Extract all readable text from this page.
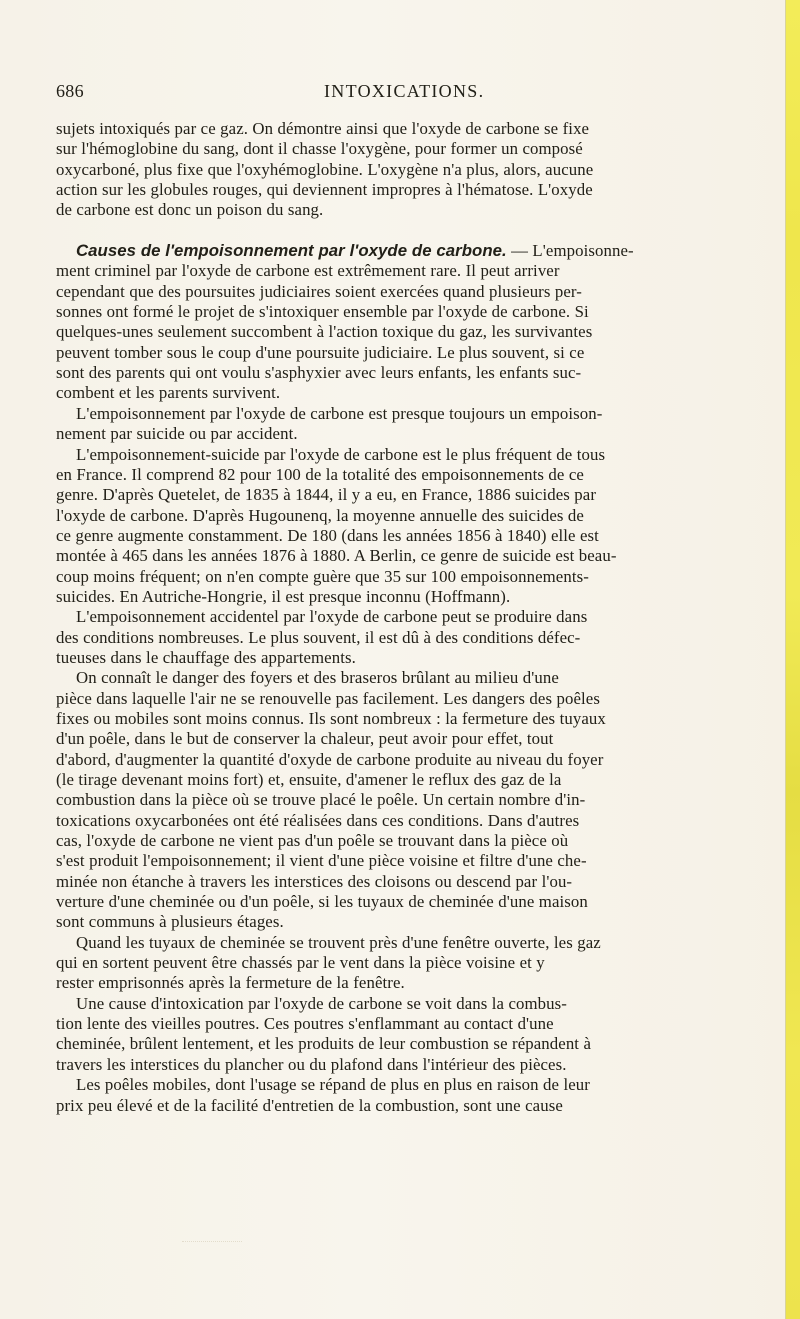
686	INTOXICATIONS.
sujets intoxiqués par ce gaz. On démontre ainsi que l'oxyde de carbone se fixe
sur l'hémoglobine du sang, dont il chasse l'oxygène, pour former un composé
oxycarboné, plus fixe que l'oxyhémoglobine. L'oxygène n'a plus, alors, aucune
action sur les globules rouges, qui deviennent impropres à l'hématose. L'oxyde
de carbone est donc un poison du sang.
Causes de l'empoisonnement par l'oxyde de carbone. — L'empoisonne-
ment criminel par l'oxyde de carbone est extrêmement rare. Il peut arriver
cependant que des poursuites judiciaires soient exercées quand plusieurs per-
sonnes ont formé le projet de s'intoxiquer ensemble par l'oxyde de carbone. Si
quelques-unes seulement succombent à l'action toxique du gaz, les survivantes
peuvent tomber sous le coup d'une poursuite judiciaire. Le plus souvent, si ce
sont des parents qui ont voulu s'asphyxier avec leurs enfants, les enfants suc-
combent et les parents survivent.
L'empoisonnement par l'oxyde de carbone est presque toujours un empoison-
nement par suicide ou par accident.
L'empoisonnement-suicide par l'oxyde de carbone est le plus fréquent de tous
en France. Il comprend 82 pour 100 de la totalité des empoisonnements de ce
genre. D'après Quetelet, de 1835 à 1844, il y a eu, en France, 1886 suicides par
l'oxyde de carbone. D'après Hugounenq, la moyenne annuelle des suicides de
ce genre augmente constamment. De 180 (dans les années 1856 à 1840) elle est
montée à 465 dans les années 1876 à 1880. A Berlin, ce genre de suicide est beau-
coup moins fréquent; on n'en compte guère que 35 sur 100 empoisonnements-
suicides. En Autriche-Hongrie, il est presque inconnu (Hoffmann).
L'empoisonnement accidentel par l'oxyde de carbone peut se produire dans
des conditions nombreuses. Le plus souvent, il est dû à des conditions défec-
tueuses dans le chauffage des appartements.
On connaît le danger des foyers et des braseros brûlant au milieu d'une
pièce dans laquelle l'air ne se renouvelle pas facilement. Les dangers des poêles
fixes ou mobiles sont moins connus. Ils sont nombreux : la fermeture des tuyaux
d'un poêle, dans le but de conserver la chaleur, peut avoir pour effet, tout
d'abord, d'augmenter la quantité d'oxyde de carbone produite au niveau du foyer
(le tirage devenant moins fort) et, ensuite, d'amener le reflux des gaz de la
combustion dans la pièce où se trouve placé le poêle. Un certain nombre d'in-
toxications oxycarbonées ont été réalisées dans ces conditions. Dans d'autres
cas, l'oxyde de carbone ne vient pas d'un poêle se trouvant dans la pièce où
s'est produit l'empoisonnement; il vient d'une pièce voisine et filtre d'une che-
minée non étanche à travers les interstices des cloisons ou descend par l'ou-
verture d'une cheminée ou d'un poêle, si les tuyaux de cheminée d'une maison
sont communs à plusieurs étages.
Quand les tuyaux de cheminée se trouvent près d'une fenêtre ouverte, les gaz
qui en sortent peuvent être chassés par le vent dans la pièce voisine et y
rester emprisonnés après la fermeture de la fenêtre.
Une cause d'intoxication par l'oxyde de carbone se voit dans la combus-
tion lente des vieilles poutres. Ces poutres s'enflammant au contact d'une
cheminée, brûlent lentement, et les produits de leur combustion se répandent à
travers les interstices du plancher ou du plafond dans l'intérieur des pièces.
Les poêles mobiles, dont l'usage se répand de plus en plus en raison de leur
prix peu élevé et de la facilité d'entretien de la combustion, sont une cause
